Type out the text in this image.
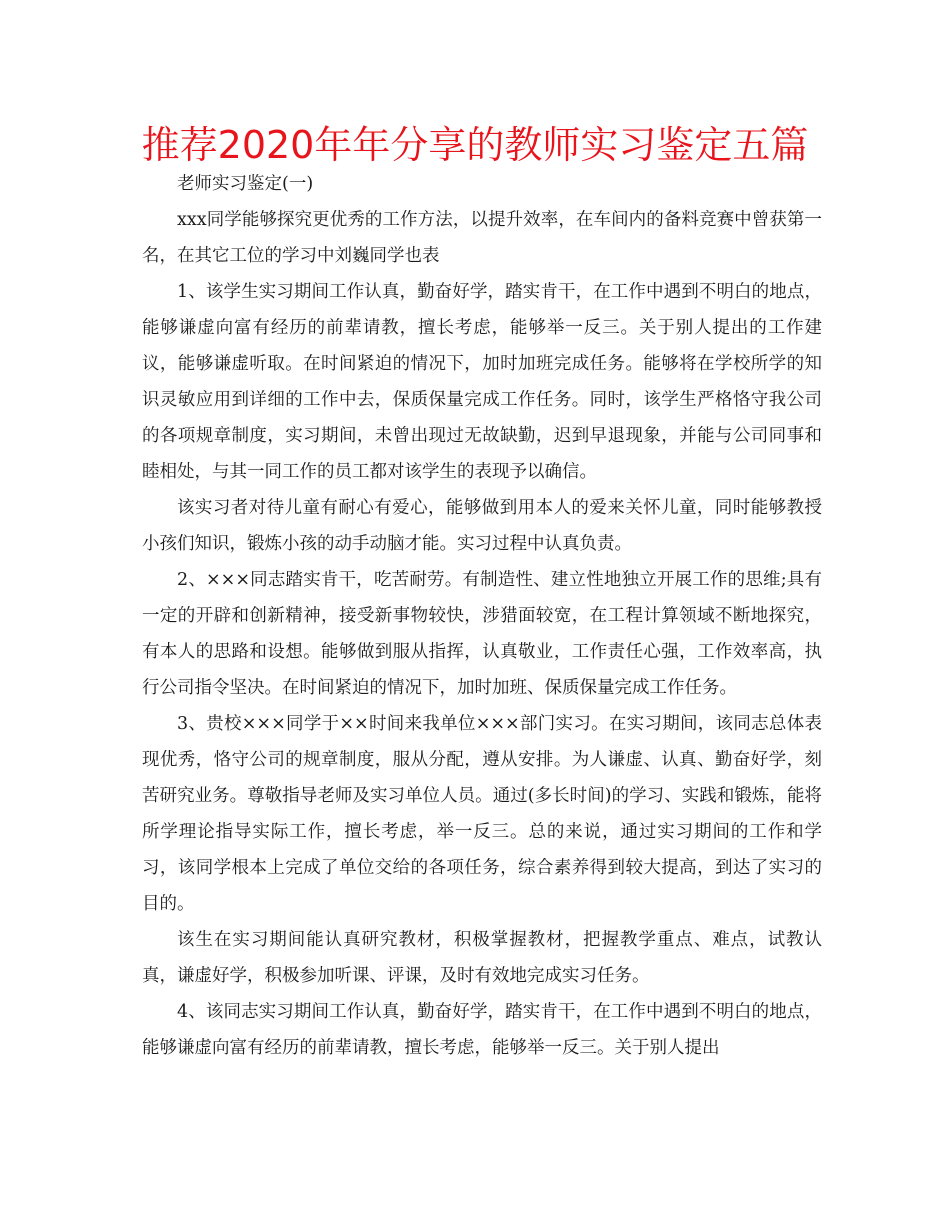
推荐2020年年分享的教师实习鉴定五篇

老师实习鉴定(一)

xxx同学能够探究更优秀的工作方法，以提升效率，在车间内的备料竞赛中曾获第一名，在其它工位的学习中刘巍同学也表

1、该学生实习期间工作认真，勤奋好学，踏实肯干，在工作中遇到不明白的地点，能够谦虚向富有经历的前辈请教，擅长考虑，能够举一反三。关于别人提出的工作建议，能够谦虚听取。在时间紧迫的情况下，加时加班完成任务。能够将在学校所学的知识灵敏应用到详细的工作中去，保质保量完成工作任务。同时，该学生严格恪守我公司的各项规章制度，实习期间，未曾出现过无故缺勤，迟到早退现象，并能与公司同事和睦相处，与其一同工作的员工都对该学生的表现予以确信。

该实习者对待儿童有耐心有爱心，能够做到用本人的爱来关怀儿童，同时能够教授小孩们知识，锻炼小孩的动手动脑才能。实习过程中认真负责。

2、×××同志踏实肯干，吃苦耐劳。有制造性、建立性地独立开展工作的思维;具有一定的开辟和创新精神，接受新事物较快，涉猎面较宽，在工程计算领域不断地探究，有本人的思路和设想。能够做到服从指挥，认真敬业，工作责任心强，工作效率高，执行公司指令坚决。在时间紧迫的情况下，加时加班、保质保量完成工作任务。

3、贵校×××同学于××时间来我单位×××部门实习。在实习期间，该同志总体表现优秀，恪守公司的规章制度，服从分配，遵从安排。为人谦虚、认真、勤奋好学，刻苦研究业务。尊敬指导老师及实习单位人员。通过(多长时间)的学习、实践和锻炼，能将所学理论指导实际工作，擅长考虑，举一反三。总的来说，通过实习期间的工作和学习，该同学根本上完成了单位交给的各项任务，综合素养得到较大提高，到达了实习的目的。

该生在实习期间能认真研究教材，积极掌握教材，把握教学重点、难点，试教认真，谦虚好学，积极参加听课、评课，及时有效地完成实习任务。

4、该同志实习期间工作认真，勤奋好学，踏实肯干，在工作中遇到不明白的地点，能够谦虚向富有经历的前辈请教，擅长考虑，能够举一反三。关于别人提出
